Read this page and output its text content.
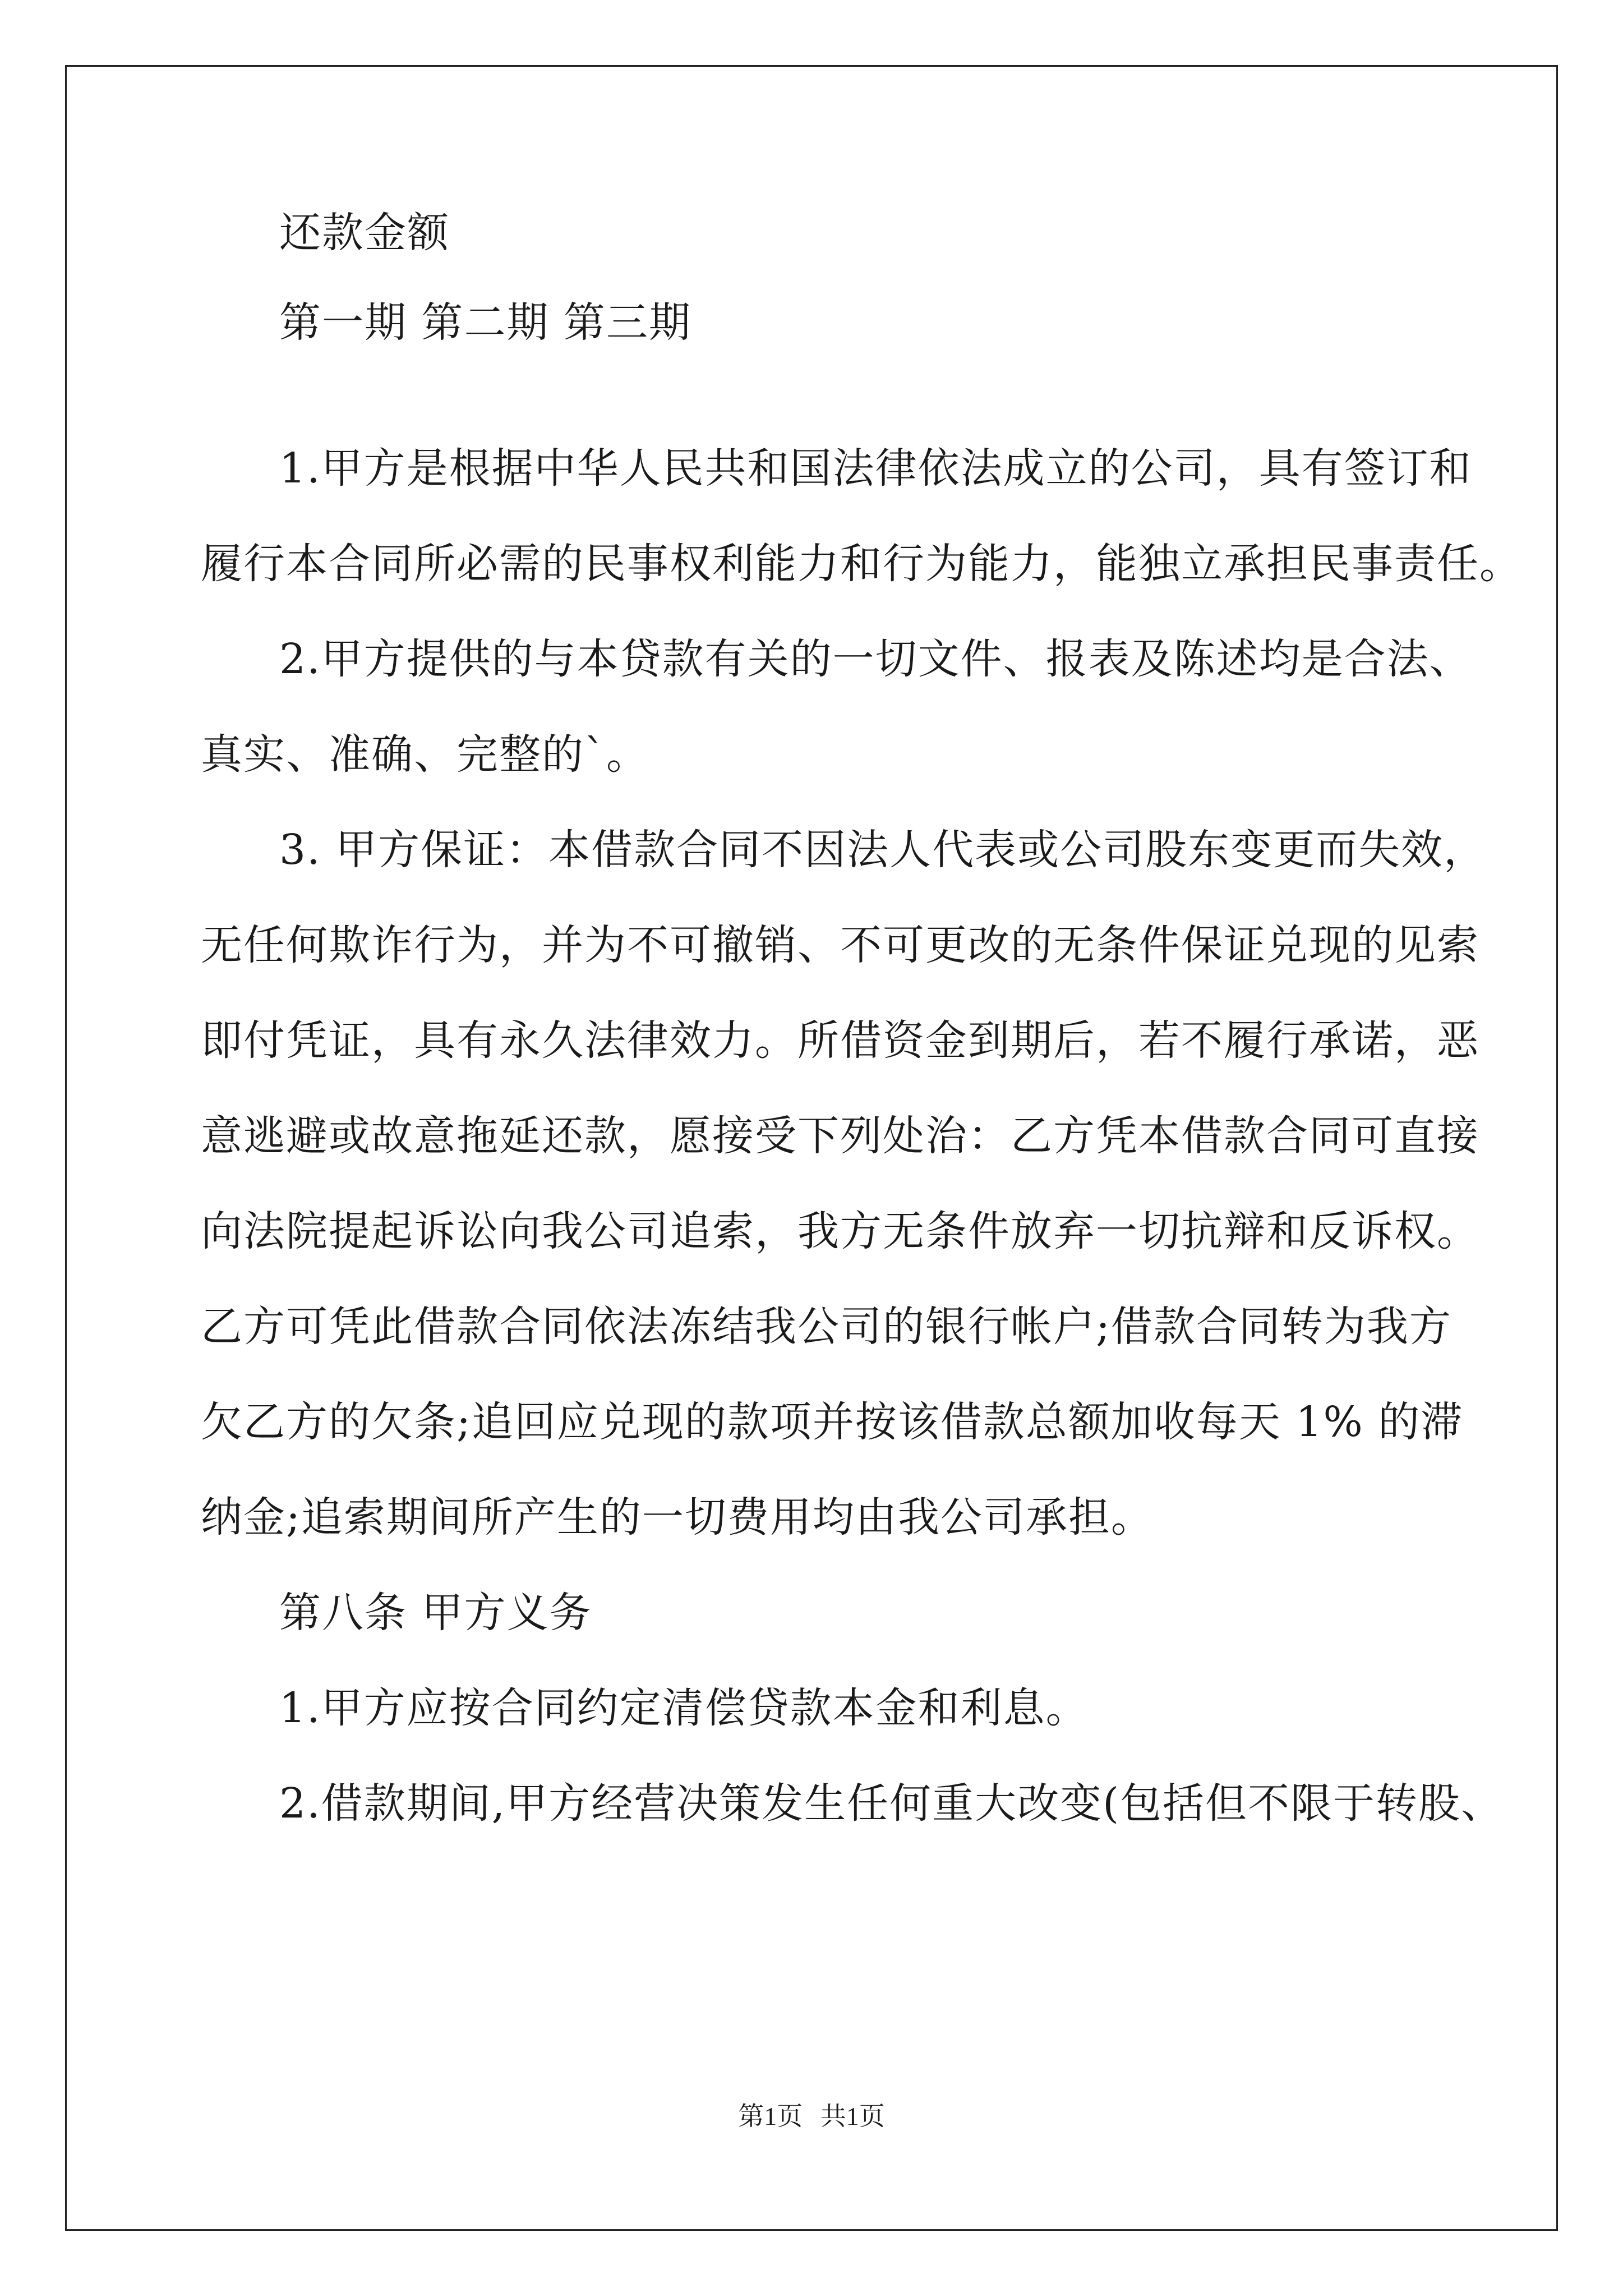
还款金额
第一期 第二期 第三期
1.甲方是根据中华人民共和国法律依法成立的公司，具有签订和
履行本合同所必需的民事权利能力和行为能力，能独立承担民事责任。
2.甲方提供的与本贷款有关的一切文件、报表及陈述均是合法、
真实、准确、完整的`。
3. 甲方保证：本借款合同不因法人代表或公司股东变更而失效，
无任何欺诈行为，并为不可撤销、不可更改的无条件保证兑现的见索
即付凭证，具有永久法律效力。所借资金到期后，若不履行承诺，恶
意逃避或故意拖延还款，愿接受下列处治：乙方凭本借款合同可直接
向法院提起诉讼向我公司追索，我方无条件放弃一切抗辩和反诉权。
乙方可凭此借款合同依法冻结我公司的银行帐户;借款合同转为我方
欠乙方的欠条;追回应兑现的款项并按该借款总额加收每天 1% 的滞
纳金;追索期间所产生的一切费用均由我公司承担。
第八条 甲方义务
1.甲方应按合同约定清偿贷款本金和利息。
2.借款期间,甲方经营决策发生任何重大改变(包括但不限于转股、
第1页 共1页
